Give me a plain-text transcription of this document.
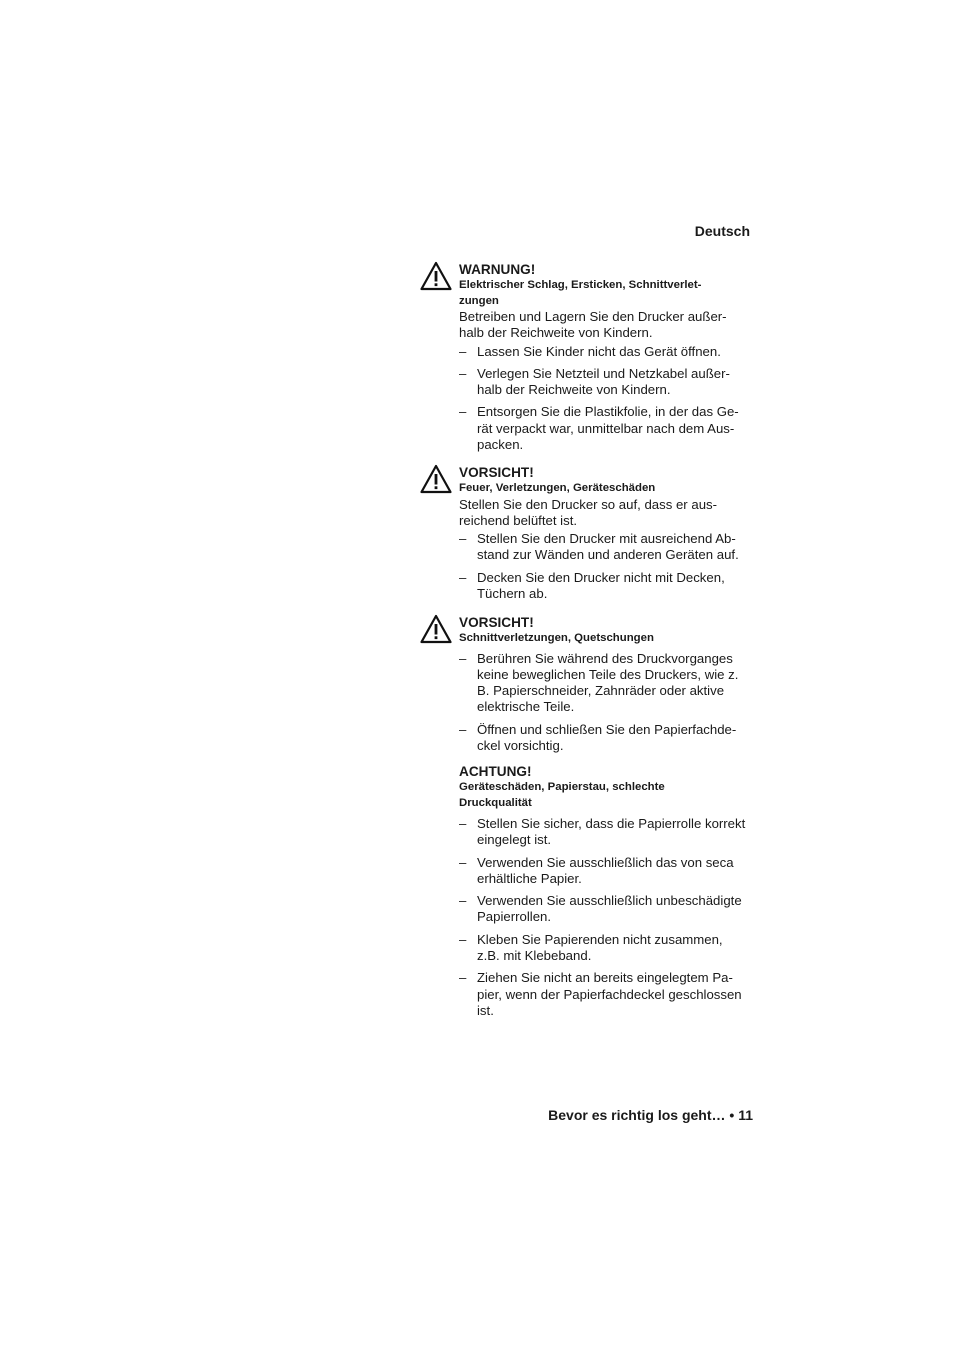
Deutsch
WARNUNG!
Elektrischer Schlag, Ersticken, Schnittverlet-
zungen

Betreiben und Lagern Sie den Drucker außer-
halb der Reichweite von Kindern.

– Lassen Sie Kinder nicht das Gerät öffnen.
– Verlegen Sie Netzteil und Netzkabel außer-
halb der Reichweite von Kindern.
– Entsorgen Sie die Plastikfolie, in der das Ge-
rät verpackt war, unmittelbar nach dem Aus-
packen.
VORSICHT!
Feuer, Verletzungen, Geräteschäden

Stellen Sie den Drucker so auf, dass er aus-
reichend belüftet ist.

– Stellen Sie den Drucker mit ausreichend Ab-
stand zur Wänden und anderen Geräten auf.
– Decken Sie den Drucker nicht mit Decken,
Tüchern ab.
VORSICHT!
Schnittverletzungen, Quetschungen
– Berühren Sie während des Druckvorganges
keine beweglichen Teile des Druckers, wie z.
B. Papierschneider, Zahnräder oder aktive
elektrische Teile.
– Öffnen und schließen Sie den Papierfachde-
ckel vorsichtig.
ACHTUNG!
Geräteschäden, Papierstau, schlechte
Druckqualität
– Stellen Sie sicher, dass die Papierrolle korrekt
eingelegt ist.
– Verwenden Sie ausschließlich das von seca
erhältliche Papier.
– Verwenden Sie ausschließlich unbeschädigte
Papierrollen.
– Kleben Sie Papierenden nicht zusammen,
z.B. mit Klebeband.
– Ziehen Sie nicht an bereits eingelegtem Pa-
pier, wenn der Papierfachdeckel geschlossen
ist.
Bevor es richtig los geht… • 11
